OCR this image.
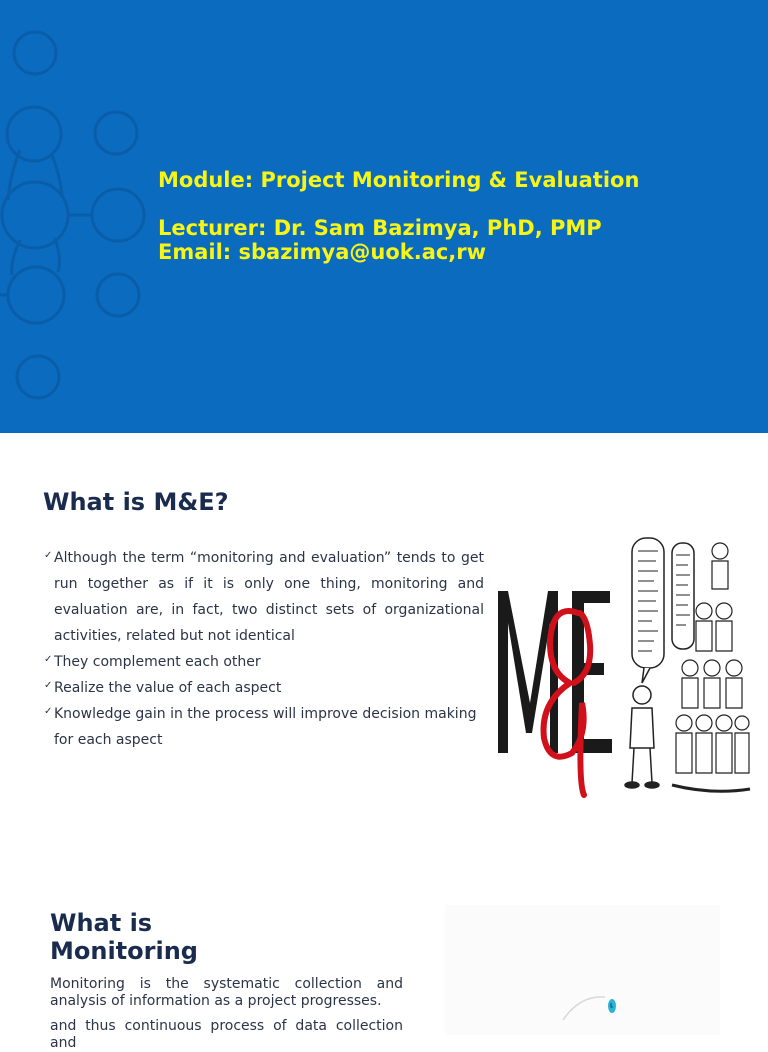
Module: Project Monitoring & Evaluation
Lecturer: Dr. Sam Bazimya, PhD, PMP
Email: sbazimya@uok.ac,rw
What is M&E?
✓ Although the term “monitoring and evaluation” tends to get run together as if it is only one thing, monitoring and evaluation are, in fact, two distinct sets of organizational activities, related but not identical
✓ They complement each other
✓ Realize the value of each aspect
✓ Knowledge gain in the process will improve decision making for each aspect
What is Monitoring
Monitoring is the systematic collection and analysis of information as a project progresses.
and thus continuous process of data collection and
